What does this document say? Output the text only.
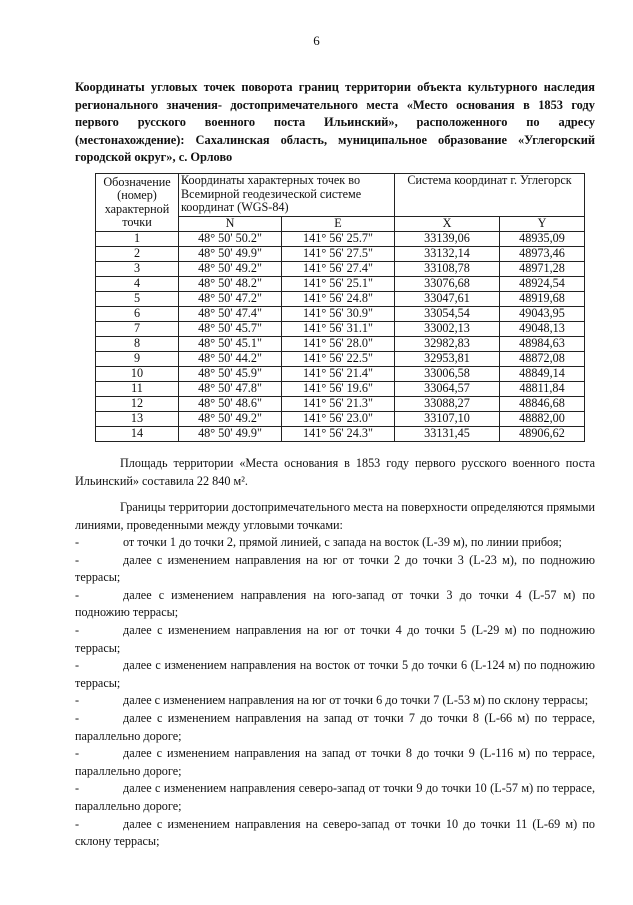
6
Координаты угловых точек поворота границ территории объекта культурного наследия регионального значения- достопримечательного места «Место основания в 1853 году первого русского военного поста Ильинский», расположенного по адресу (местонахождение): Сахалинская область, муниципальное образование «Углегорский городской округ», с. Орлово
Обозначение (номер) характерной точки	Координаты характерных точек во Всемирной геодезической системе координат (WGS-84)		Система координат г. Углегорск	
	N	E	X	Y
1	48° 50' 50.2"	141° 56' 25.7"	33139,06	48935,09
2	48° 50' 49.9"	141° 56' 27.5"	33132,14	48973,46
3	48° 50' 49.2"	141° 56' 27.4"	33108,78	48971,28
4	48° 50' 48.2"	141° 56' 25.1"	33076,68	48924,54
5	48° 50' 47.2"	141° 56' 24.8"	33047,61	48919,68
6	48° 50' 47.4"	141° 56' 30.9"	33054,54	49043,95
7	48° 50' 45.7"	141° 56' 31.1"	33002,13	49048,13
8	48° 50' 45.1"	141° 56' 28.0"	32982,83	48984,63
9	48° 50' 44.2"	141° 56' 22.5"	32953,81	48872,08
10	48° 50' 45.9"	141° 56' 21.4"	33006,58	48849,14
11	48° 50' 47.8"	141° 56' 19.6"	33064,57	48811,84
12	48° 50' 48.6"	141° 56' 21.3"	33088,27	48846,68
13	48° 50' 49.2"	141° 56' 23.0"	33107,10	48882,00
14	48° 50' 49.9"	141° 56' 24.3"	33131,45	48906,62
Площадь территории «Места основания в 1853 году первого русского военного поста Ильинский» составила 22 840 м².
Границы территории достопримечательного места на поверхности определяются прямыми линиями, проведенными между угловыми точками:
-	от точки 1 до точки 2, прямой линией, с запада на восток (L-39 м), по линии прибоя;
-	далее с изменением направления на юг от точки 2 до точки 3 (L-23 м), по подножию террасы;
-	далее с изменением направления на юго-запад от точки 3 до точки 4 (L-57 м) по подножию террасы;
-	далее с изменением направления на юг от точки 4 до точки 5 (L-29 м) по подножию террасы;
-	далее с изменением направления на восток от точки 5 до точки 6 (L-124 м) по подножию террасы;
-	далее с изменением направления на юг от точки 6 до точки 7 (L-53 м) по склону террасы;
-	далее с изменением направления на запад от точки 7 до точки 8 (L-66 м) по террасе, параллельно дороге;
-	далее с изменением направления на запад от точки 8 до точки 9 (L-116 м) по террасе, параллельно дороге;
-	далее с изменением направления северо-запад от точки 9 до точки 10 (L-57 м) по террасе, параллельно дороге;
-	далее с изменением направления на северо-запад от точки 10 до точки 11 (L-69 м) по склону террасы;
